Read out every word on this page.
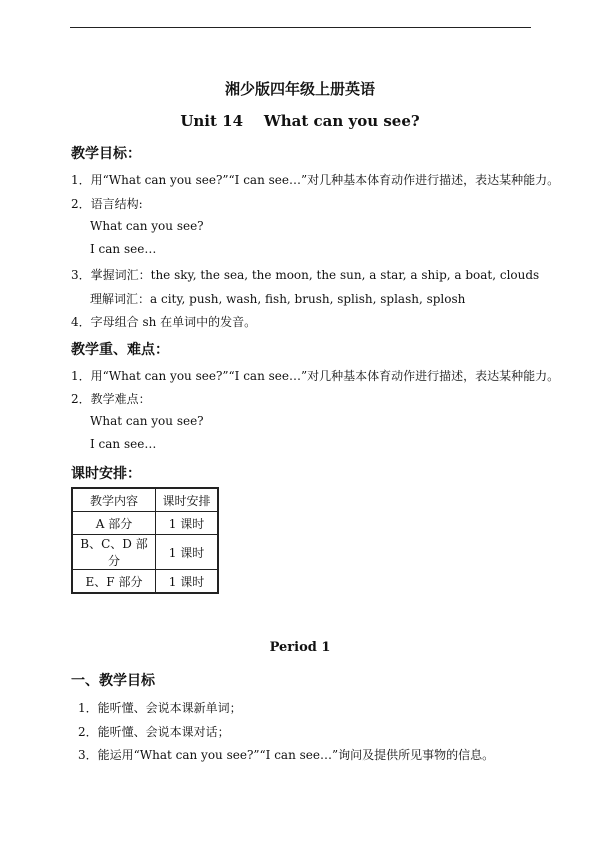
湘少版四年级上册英语
Unit 14    What can you see?
教学目标：
1．用“What can you see?”“I can see…”对几种基本体育动作进行描述，表达某种能力。
2．语言结构:
What can you see?
I can see…
3．掌握词汇：the sky, the sea, the moon, the sun, a star, a ship, a boat, clouds
理解词汇：a city, push, wash, fish, brush, splish, splash, splosh
4．字母组合 sh 在单词中的发音。
教学重、难点：
1．用“What can you see?”“I can see…”对几种基本体育动作进行描述，表达某种能力。
2．教学难点：
What can you see?
I can see…
课时安排：
教学内容	课时安排
A 部分	1 课时
B、C、D 部分	1 课时
E、F 部分	1 课时
Period 1
一、教学目标
1．能听懂、会说本课新单词；
2．能听懂、会说本课对话；
3．能运用“What can you see?”“I can see…”询问及提供所见事物的信息。
